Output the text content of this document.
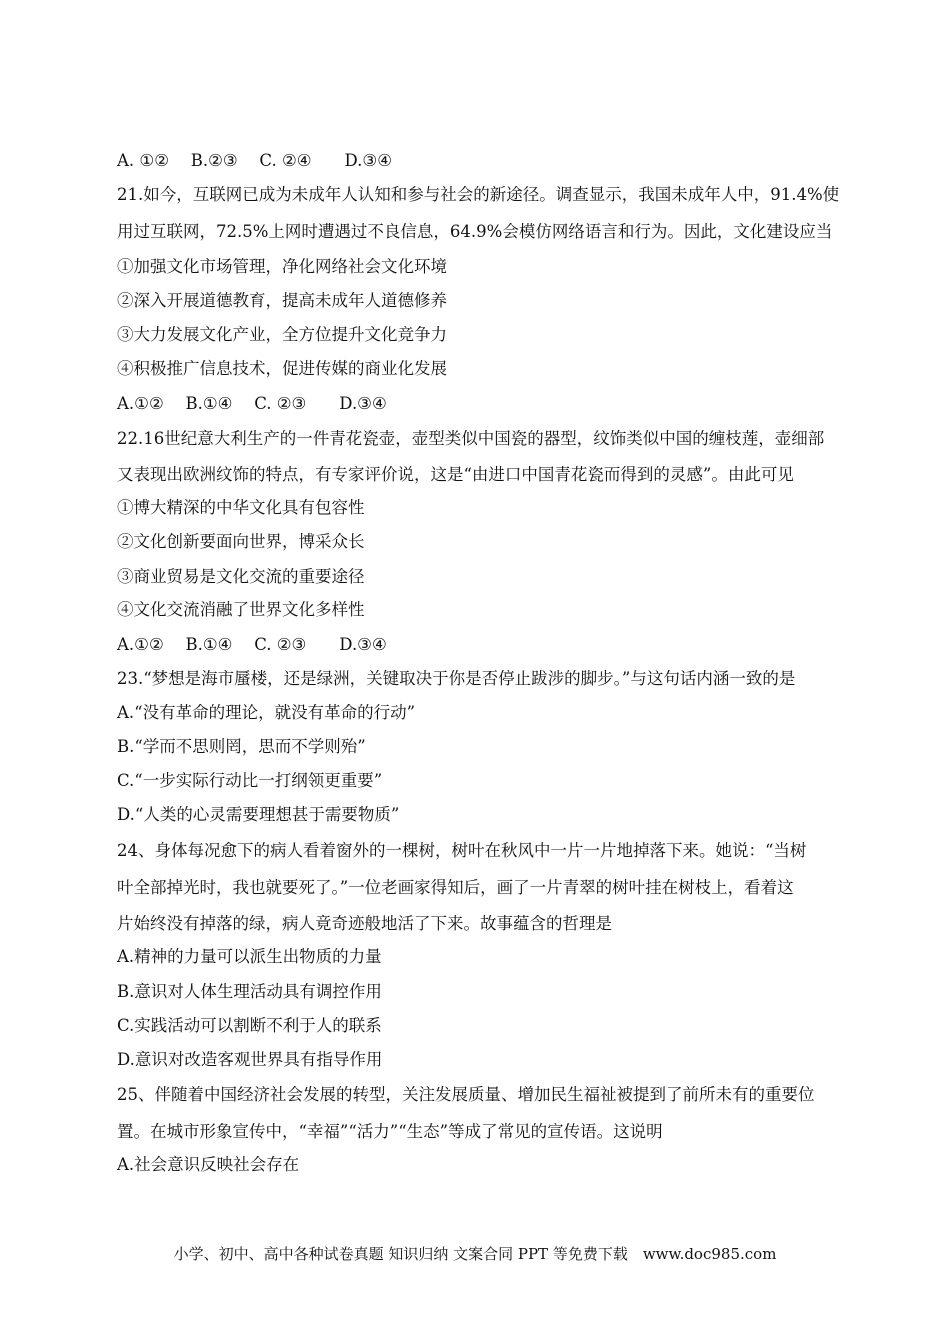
A. ①②　 B.②③　 C. ②④　　D.③④
21.如今，互联网已成为未成年人认知和参与社会的新途径。调查显示，我国未成年人中，91.4%使
用过互联网，72.5%上网时遭遇过不良信息，64.9%会模仿网络语言和行为。因此，文化建设应当
①加强文化市场管理，净化网络社会文化环境
②深入开展道德教育，提高未成年人道德修养
③大力发展文化产业，全方位提升文化竞争力
④积极推广信息技术，促进传媒的商业化发展
A.①②　 B.①④　 C. ②③　　D.③④
22.16世纪意大利生产的一件青花瓷壶，壶型类似中国瓷的器型，纹饰类似中国的缠枝莲，壶细部
又表现出欧洲纹饰的特点，有专家评价说，这是“由进口中国青花瓷而得到的灵感”。由此可见
①博大精深的中华文化具有包容性
②文化创新要面向世界，博采众长
③商业贸易是文化交流的重要途径
④文化交流消融了世界文化多样性
A.①②　 B.①④　 C. ②③　　D.③④
23.“梦想是海市蜃楼，还是绿洲，关键取决于你是否停止跋涉的脚步。”与这句话内涵一致的是
A.“没有革命的理论，就没有革命的行动”
B.“学而不思则罔，思而不学则殆”
C.“一步实际行动比一打纲领更重要”
D.“人类的心灵需要理想甚于需要物质”
24、身体每况愈下的病人看着窗外的一棵树，树叶在秋风中一片一片地掉落下来。她说：“当树
叶全部掉光时，我也就要死了。”一位老画家得知后，画了一片青翠的树叶挂在树枝上，看着这
片始终没有掉落的绿，病人竟奇迹般地活了下来。故事蕴含的哲理是
A.精神的力量可以派生出物质的力量
B.意识对人体生理活动具有调控作用
C.实践活动可以割断不利于人的联系
D.意识对改造客观世界具有指导作用
25、伴随着中国经济社会发展的转型，关注发展质量、增加民生福祉被提到了前所未有的重要位
置。在城市形象宣传中，“幸福”“活力”“生态”等成了常见的宣传语。这说明
A.社会意识反映社会存在
小学、初中、高中各种试卷真题 知识归纳 文案合同 PPT 等免费下载　www.doc985.com
